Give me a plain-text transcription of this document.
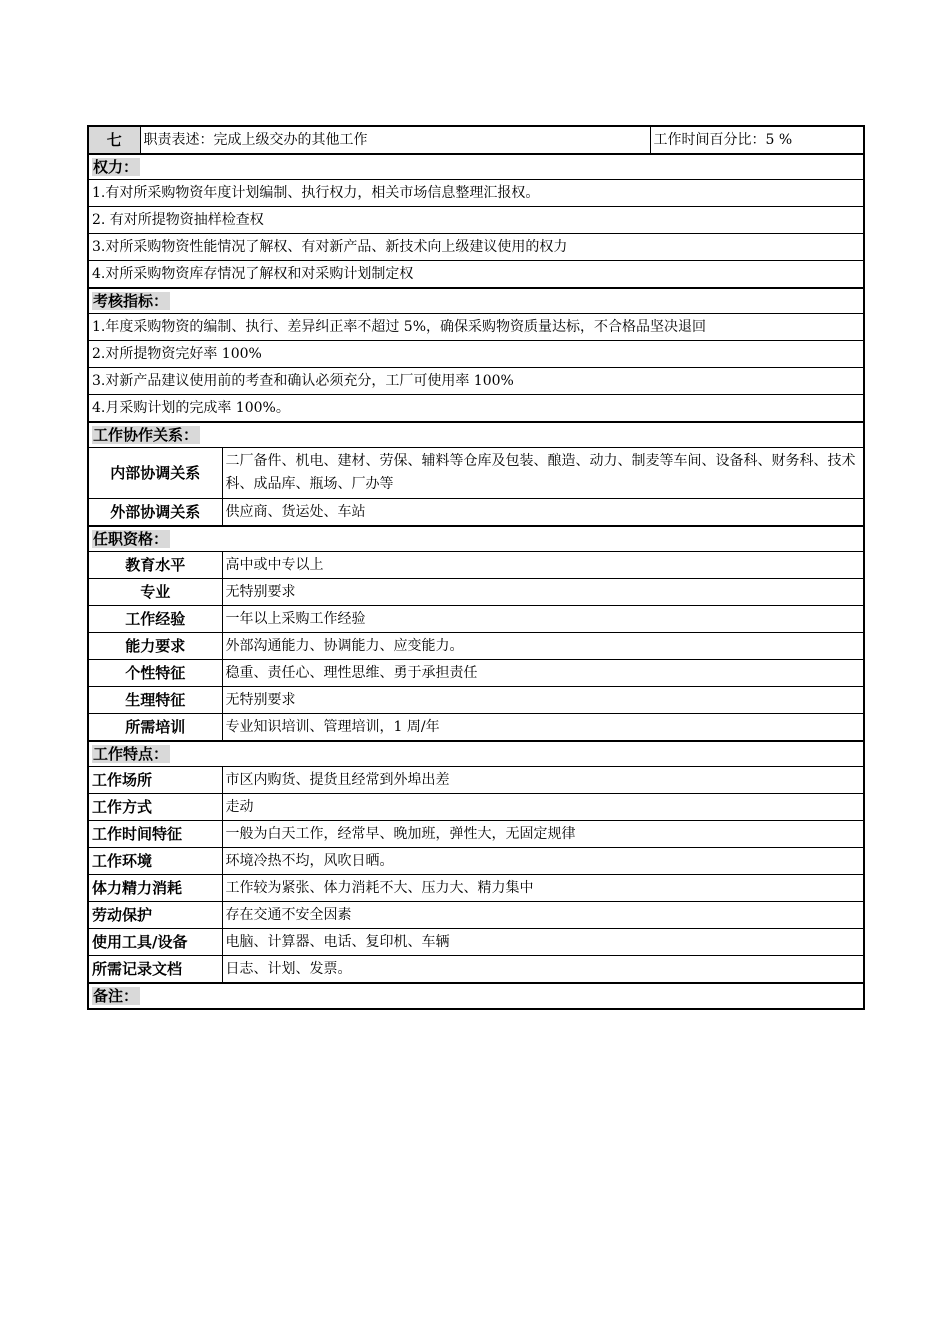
七	职责表述：完成上级交办的其他工作		工作时间百分比：5 %
权力：			
1.有对所采购物资年度计划编制、执行权力，相关市场信息整理汇报权。			
2. 有对所提物资抽样检查权			
3.对所采购物资性能情况了解权、有对新产品、新技术向上级建议使用的权力			
4.对所采购物资库存情况了解权和对采购计划制定权			
考核指标：			
1.年度采购物资的编制、执行、差异纠正率不超过 5%，确保采购物资质量达标，不合格品坚决退回			
2.对所提物资完好率 100%			
3.对新产品建议使用前的考查和确认必须充分，工厂可使用率 100%			
4.月采购计划的完成率 100%。			
工作协作关系：			
内部协调关系		二厂备件、机电、建材、劳保、辅料等仓库及包装、酿造、动力、制麦等车间、设备科、财务科、技术科、成品库、瓶场、厂办等	
外部协调关系		供应商、货运处、车站	
任职资格：			
教育水平		高中或中专以上	
专业		无特别要求	
工作经验		一年以上采购工作经验	
能力要求		外部沟通能力、协调能力、应变能力。	
个性特征		稳重、责任心、理性思维、勇于承担责任	
生理特征		无特别要求	
所需培训		专业知识培训、管理培训，1 周/年	
工作特点：			
工作场所		市区内购货、提货且经常到外埠出差	
工作方式		走动	
工作时间特征		一般为白天工作，经常早、晚加班，弹性大，无固定规律	
工作环境		环境冷热不均，风吹日晒。	
体力精力消耗		工作较为紧张、体力消耗不大、压力大、精力集中	
劳动保护		存在交通不安全因素	
使用工具/设备		电脑、计算器、电话、复印机、车辆	
所需记录文档		日志、计划、发票。	
备注：			
